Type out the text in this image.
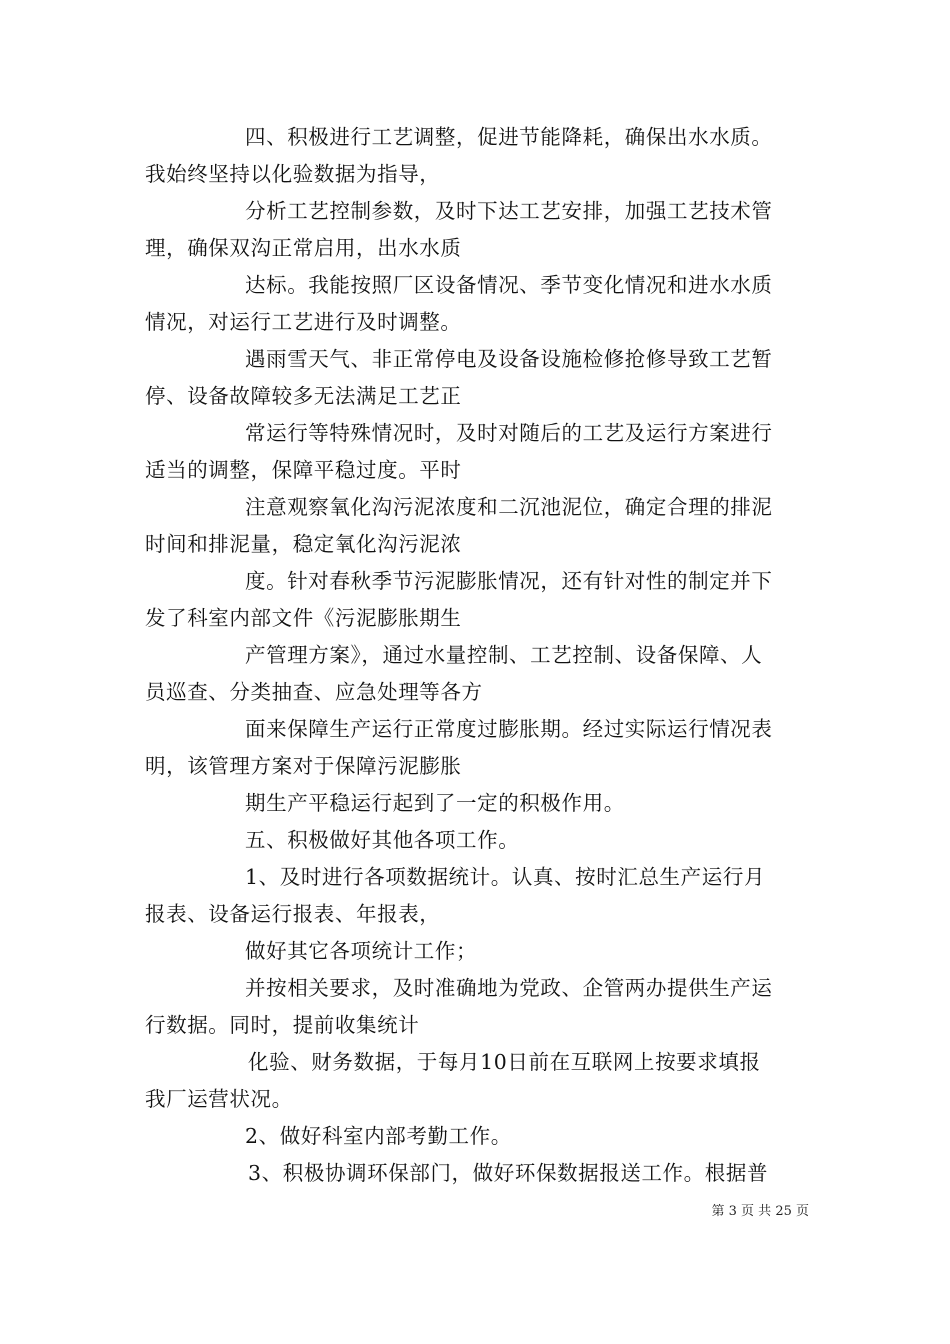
四、积极进行工艺调整，促进节能降耗，确保出水水质。
我始终坚持以化验数据为指导，
分析工艺控制参数，及时下达工艺安排，加强工艺技术管
理，确保双沟正常启用，出水水质
达标。我能按照厂区设备情况、季节变化情况和进水水质
情况，对运行工艺进行及时调整。
遇雨雪天气、非正常停电及设备设施检修抢修导致工艺暂
停、设备故障较多无法满足工艺正
常运行等特殊情况时，及时对随后的工艺及运行方案进行
适当的调整，保障平稳过度。平时
注意观察氧化沟污泥浓度和二沉池泥位，确定合理的排泥
时间和排泥量，稳定氧化沟污泥浓
度。针对春秋季节污泥膨胀情况，还有针对性的制定并下
发了科室内部文件《污泥膨胀期生
产管理方案》，通过水量控制、工艺控制、设备保障、人
员巡查、分类抽查、应急处理等各方
面来保障生产运行正常度过膨胀期。经过实际运行情况表
明，该管理方案对于保障污泥膨胀
期生产平稳运行起到了一定的积极作用。
五、积极做好其他各项工作。
1、及时进行各项数据统计。认真、按时汇总生产运行月
报表、设备运行报表、年报表，
做好其它各项统计工作；
并按相关要求，及时准确地为党政、企管两办提供生产运
行数据。同时，提前收集统计
化验、财务数据，于每月10日前在互联网上按要求填报
我厂运营状况。
2、做好科室内部考勤工作。
3、积极协调环保部门，做好环保数据报送工作。根据普
第 3 页 共 25 页
